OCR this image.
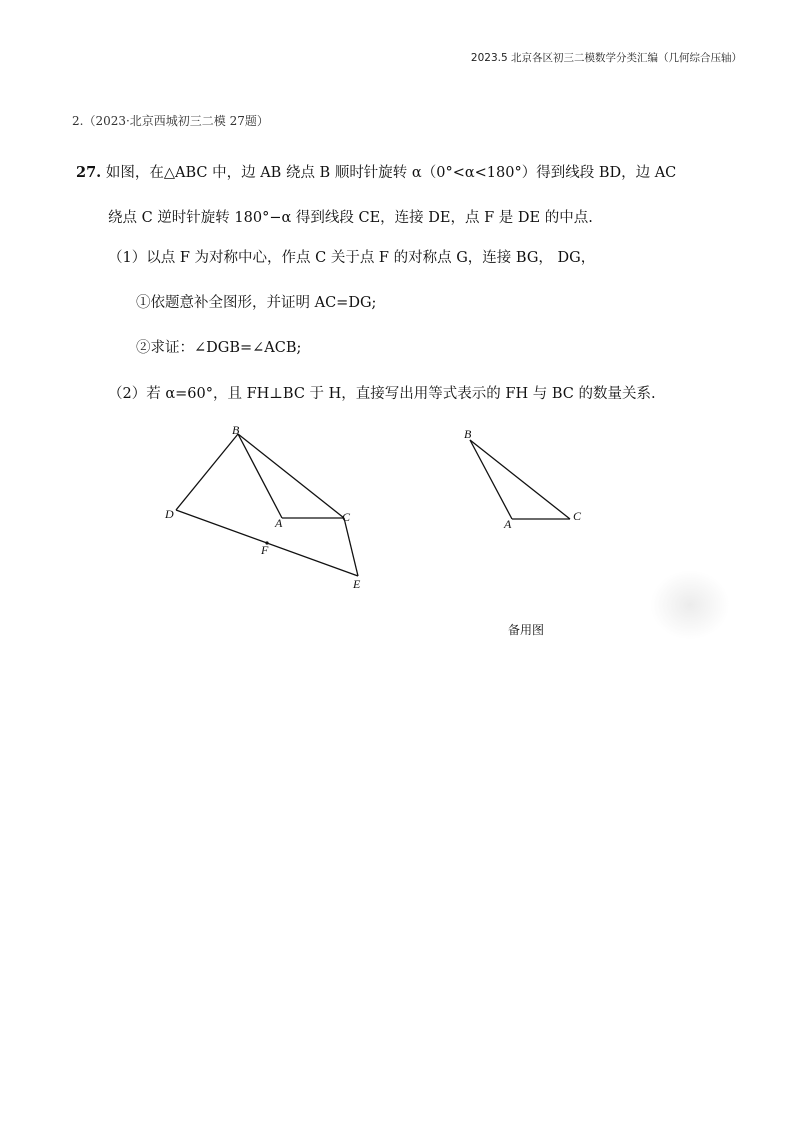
2023.5 北京各区初三二模数学分类汇编（几何综合压轴）
2.（2023·北京西城初三二模 27题）
27. 如图，在△ABC 中，边 AB 绕点 B 顺时针旋转 α（0°<α<180°）得到线段 BD，边 AC
绕点 C 逆时针旋转 180°−α 得到线段 CE，连接 DE，点 F 是 DE 的中点.
（1）以点 F 为对称中心，作点 C 关于点 F 的对称点 G，连接 BG， DG，
①依题意补全图形，并证明 AC=DG;
②求证：∠DGB=∠ACB;
（2）若 α=60°，且 FH⊥BC 于 H，直接写出用等式表示的 FH 与 BC 的数量关系.
B
D
A	C
F
E
B
A
C
备用图
